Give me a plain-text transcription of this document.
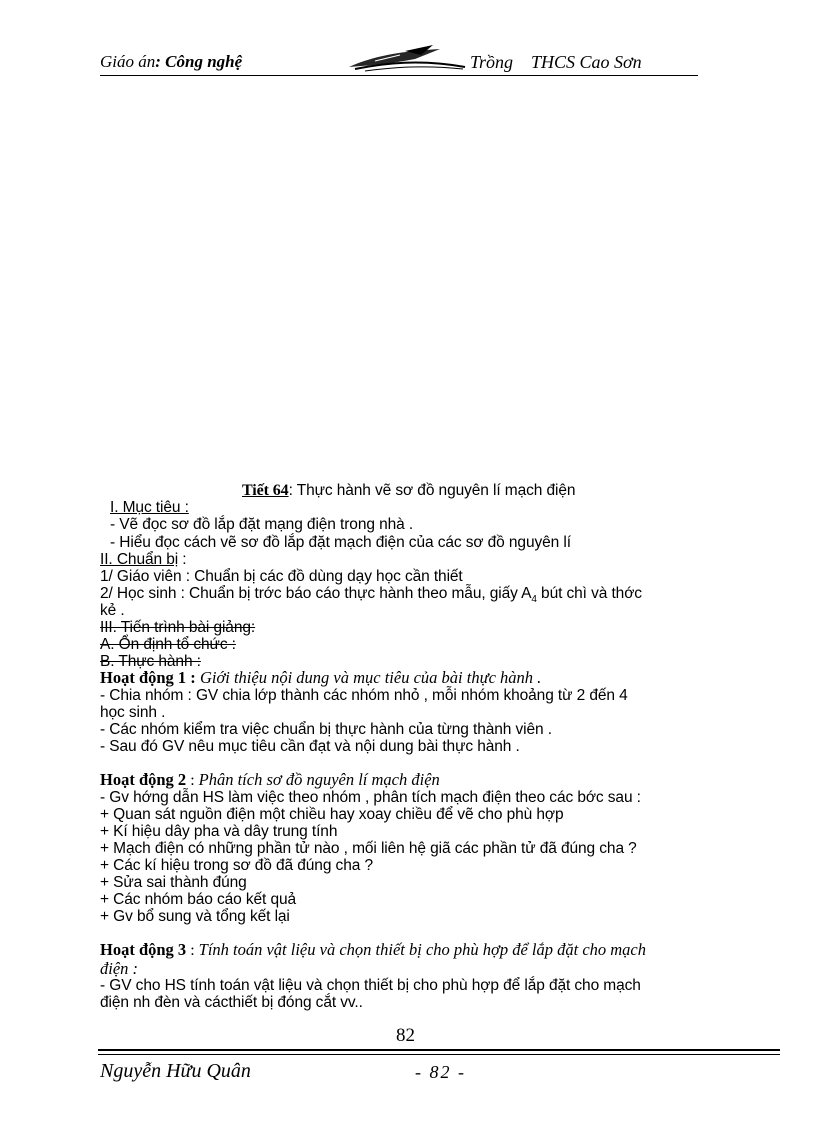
Giáo án: Công nghệ	Trồng THCS Cao Sơn
Tiết 64: Thực hành vẽ sơ đồ nguyên lí mạch điện
I. Mục tiêu :
- Vẽ đọc sơ đồ lắp đặt mạng điện trong nhà .
- Hiểu đọc cách vẽ sơ đồ lắp đặt mạch điện của các sơ đồ nguyên lí
II. Chuẩn bị :
1/ Giáo viên : Chuẩn bị các đồ dùng dạy học cần thiết
2/ Học sinh : Chuẩn bị trớc báo cáo thực hành theo mẫu, giấy $A_4$ bút chì và thớc
kẻ .
III. Tiến trình bài giảng:
A. Ổn định tổ chức :
B. Thực hành :
Hoạt động 1 : Giới thiệu nội dung và mục tiêu của bài thực hành .
- Chia nhóm : GV chia lớp thành các nhóm nhỏ , mỗi nhóm khoảng từ 2 đến 4
học sinh .
- Các nhóm kiểm tra việc chuẩn bị thực hành của từng thành viên .
- Sau đó GV nêu mục tiêu cần đạt và nội dung bài thực hành .
Hoạt động 2 : Phân tích sơ đồ nguyên lí mạch điện
- Gv hớng dẫn HS làm việc theo nhóm , phân tích mạch điện theo các bớc sau :
+ Quan sát nguồn điện một chiều hay xoay chiều để vẽ cho phù hợp
+ Kí hiệu dây pha và dây trung tính
+ Mạch điện có những phần tử nào , mối liên hệ giã các phần tử đã đúng cha ?
+ Các kí hiệu trong sơ đồ đã đúng cha ?
+ Sửa sai thành đúng
+ Các nhóm báo cáo kết quả
+ Gv bổ sung và tổng kết lại
Hoạt động 3 : Tính toán vật liệu và chọn thiết bị cho phù hợp để lắp đặt cho mạch
điện :
- GV cho HS tính toán vật liệu và chọn thiết bị cho phù hợp để lắp đặt cho mạch
điện nh đèn và cácthiết bị đóng cắt vv..
82
Nguyễn Hữu Quân	- 82 -
